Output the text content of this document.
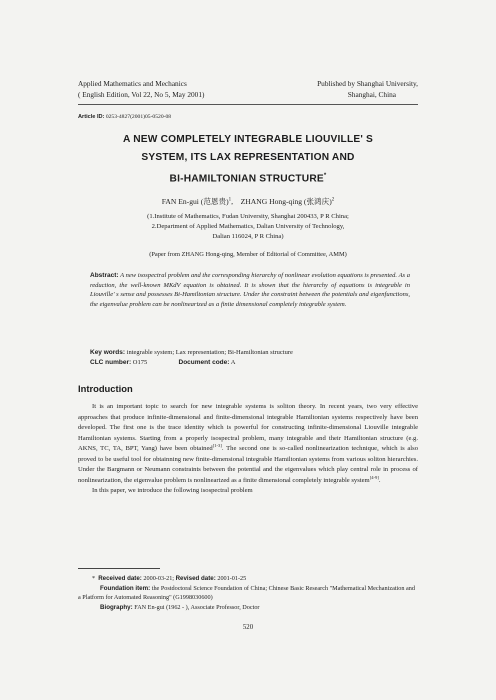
Applied Mathematics and Mechanics
( English Edition, Vol 22, No 5, May 2001)
Published by Shanghai University,
Shanghai, China
Article ID: 0253-4827(2001)05-0520-08
A NEW COMPLETELY INTEGRABLE LIOUVILLE' S
SYSTEM, ITS LAX REPRESENTATION AND
BI-HAMILTONIAN STRUCTURE*
FAN En-gui (范恩贵)$^1$, ZHANG Hong-qing (张鸿庆)$^2$
(1.Institute of Mathematics, Fudan University, Shanghai 200433, P R China;
2.Department of Applied Mathematics, Dalian University of Technology,
Dalian 116024, P R China)
(Paper from ZHANG Hong-qing, Member of Editorial of Committee, AMM)
Abstract: A new isospectral problem and the corresponding hierarchy of nonlinear evolution equations is presented. As a reduction, the well-known MKdV equation is obtained. It is shown that the hierarchy of equations is integrable in Liouville' s sense and possesses Bi-Hamiltonian structure. Under the constraint between the potentials and eigenfunctions, the eigenvalue problem can be nonlinearized as a finite dimensional completely integrable system.
Key words: integrable system; Lax representation; Bi-Hamiltonian structure
CLC number: O175	Document code: A
Introduction

It is an important topic to search for new integrable systems is soliton theory. In recent years, two very effective approaches that produce infinite-dimensional and finite-dimensional integrable Hamiltonian systems respectively have been developed. The first one is the trace identity which is powerful for constructing infinite-dimensional Liouville integrable Hamiltonian systems. Starting from a properly isospectral problem, many integrable and their Hamiltonian structure (e.g. AKNS, TC, TA, BPT, Yang) have been obtained[1-3]. The second one is so-called nonlinearization technique, which is also proved to be useful tool for obtainning new finite-dimensional integrable Hamiltonian systems from various soliton hierarchies. Under the Bargmann or Neumann constraints between the potential and the eigenvalues which play central role in process of nonlinearization, the eigenvalue problem is nonlinearized as a finite dimensional completely integrable system[4-9].

In this paper, we introduce the following isospectral problem

*  Received date: 2000-03-21; Revised date: 2001-01-25
Foundation item: the Postdoctoral Science Foundation of China; Chinese Basic Research "Mathematical Mechanization and a Platform for Automated Reasoning" (G1998030600)
Biography: FAN En-gui (1962 - ), Associate Professor, Doctor
520
